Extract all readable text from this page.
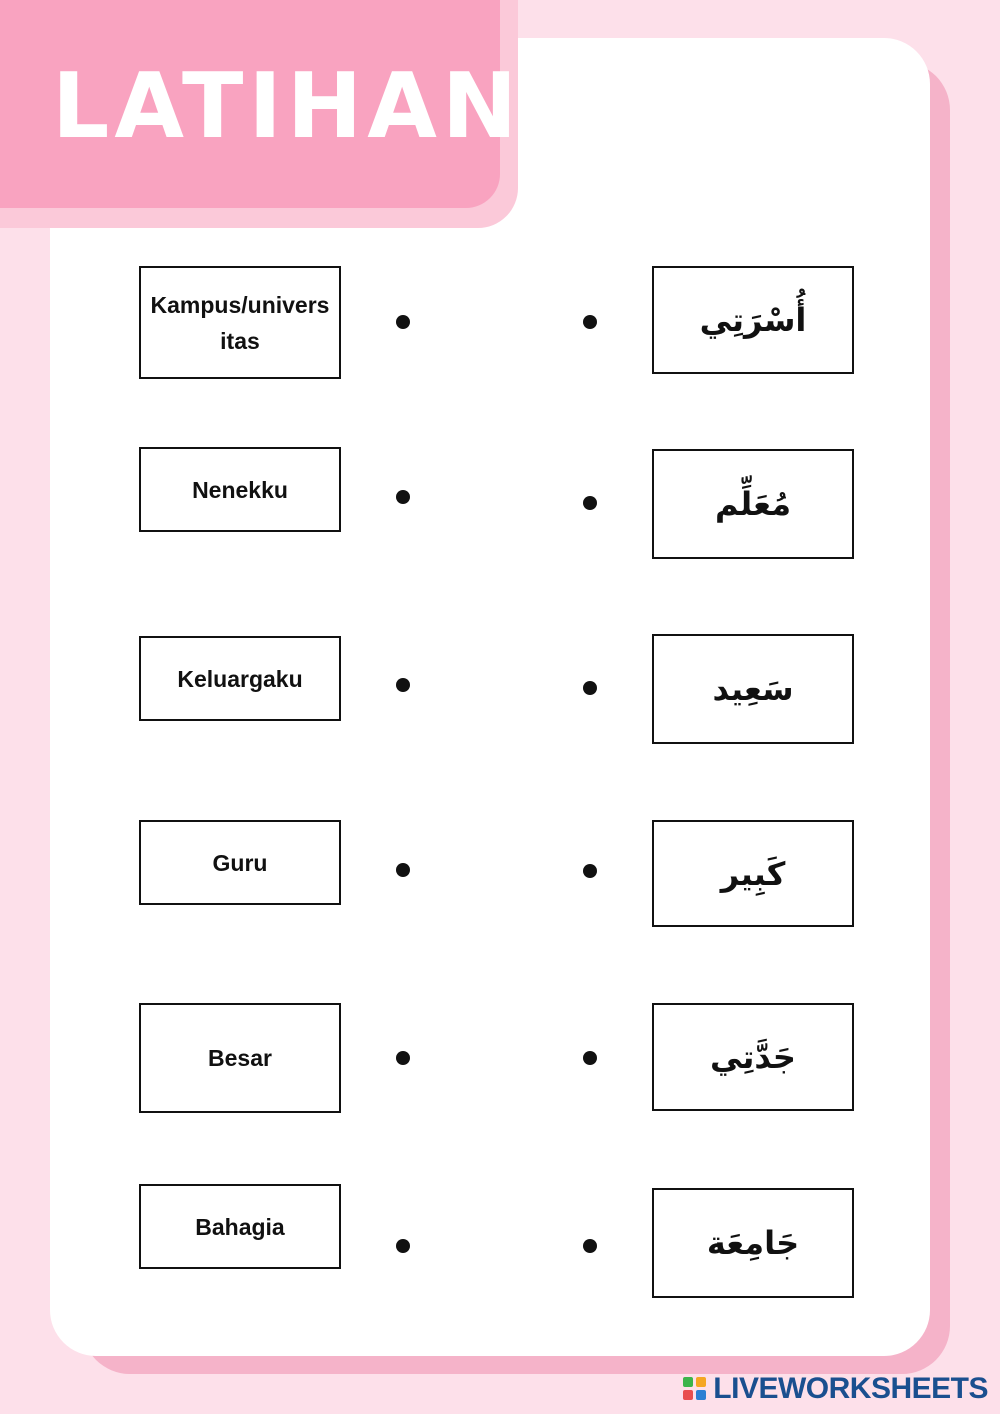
LATIHAN
Kampus/universitas
Nenekku
Keluargaku
Guru
Besar
Bahagia
أُسْرَتِي
مُعَلِّم
سَعِيد
كَبِير
جَدَّتِي
جَامِعَة
LIVEWORKSHEETS
